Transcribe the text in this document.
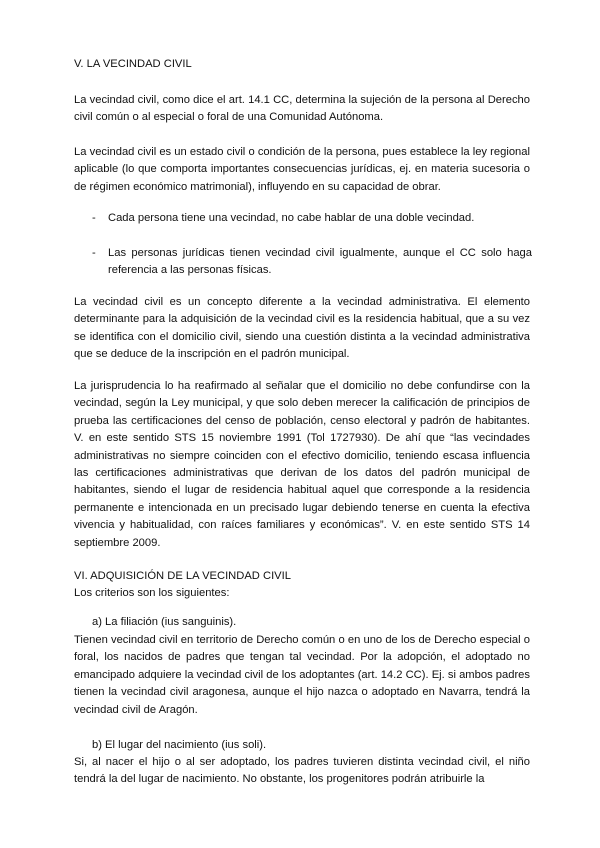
V. LA VECINDAD CIVIL

La vecindad civil, como dice el art. 14.1 CC, determina la sujeción de la persona al Derecho civil común o al especial o foral de una Comunidad Autónoma.

La vecindad civil es un estado civil o condición de la persona, pues establece la ley regional aplicable (lo que comporta importantes consecuencias jurídicas, ej. en materia sucesoria o de régimen económico matrimonial), influyendo en su capacidad de obrar.

- Cada persona tiene una vecindad, no cabe hablar de una doble vecindad.
- Las personas jurídicas tienen vecindad civil igualmente, aunque el CC solo haga referencia a las personas físicas.

La vecindad civil es un concepto diferente a la vecindad administrativa. El elemento determinante para la adquisición de la vecindad civil es la residencia habitual, que a su vez se identifica con el domicilio civil, siendo una cuestión distinta a la vecindad administrativa que se deduce de la inscripción en el padrón municipal.

La jurisprudencia lo ha reafirmado al señalar que el domicilio no debe confundirse con la vecindad, según la Ley municipal, y que solo deben merecer la calificación de principios de prueba las certificaciones del censo de población, censo electoral y padrón de habitantes. V. en este sentido STS 15 noviembre 1991 (Tol 1727930). De ahí que “las vecindades administrativas no siempre coinciden con el efectivo domicilio, teniendo escasa influencia las certificaciones administrativas que derivan de los datos del padrón municipal de habitantes, siendo el lugar de residencia habitual aquel que corresponde a la residencia permanente e intencionada en un precisado lugar debiendo tenerse en cuenta la efectiva vivencia y habitualidad, con raíces familiares y económicas”. V. en este sentido STS 14 septiembre 2009.

VI. ADQUISICIÓN DE LA VECINDAD CIVIL
Los criterios son los siguientes:
a) La filiación (ius sanguinis).

Tienen vecindad civil en territorio de Derecho común o en uno de los de Derecho especial o foral, los nacidos de padres que tengan tal vecindad. Por la adopción, el adoptado no emancipado adquiere la vecindad civil de los adoptantes (art. 14.2 CC). Ej. si ambos padres tienen la vecindad civil aragonesa, aunque el hijo nazca o adoptado en Navarra, tendrá la vecindad civil de Aragón.

b) El lugar del nacimiento (ius soli).

Si, al nacer el hijo o al ser adoptado, los padres tuvieren distinta vecindad civil, el niño tendrá la del lugar de nacimiento. No obstante, los progenitores podrán atribuirle la
